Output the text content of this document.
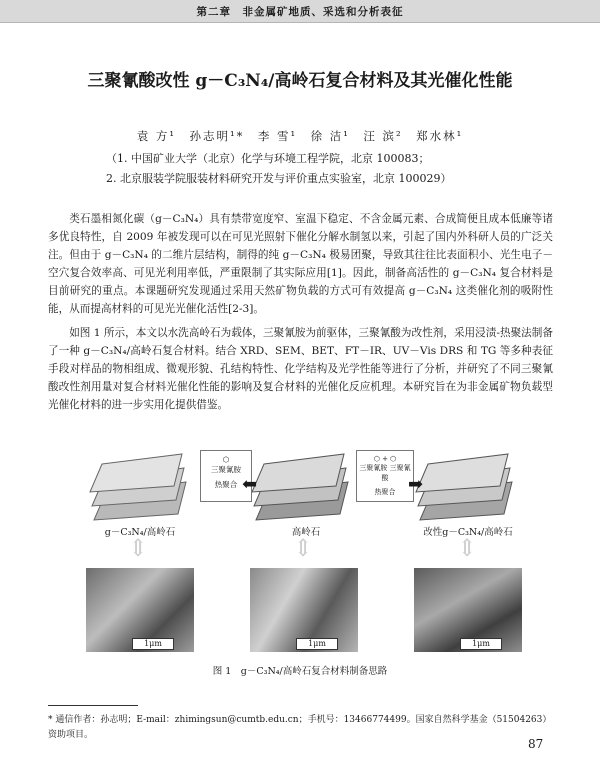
第二章　非金属矿地质、采选和分析表征
三聚氰酸改性 g－C₃N₄/高岭石复合材料及其光催化性能
袁 方¹　孙志明¹*　李 雪¹　徐 洁¹　汪 滨²　郑水林¹
（1. 中国矿业大学（北京）化学与环境工程学院，北京 100083；
2. 北京服装学院服装材料研究开发与评价重点实验室，北京 100029）

类石墨相氮化碳（g－C₃N₄）具有禁带宽度窄、室温下稳定、不含金属元素、合成简便且成本低廉等诸多优良特性，自 2009 年被发现可以在可见光照射下催化分解水制氢以来，引起了国内外科研人员的广泛关注。但由于 g－C₃N₄ 的二维片层结构，制得的纯 g－C₃N₄ 极易团聚，导致其往往比表面积小、光生电子－空穴复合效率高、可见光利用率低，严重限制了其实际应用[1]。因此，制备高活性的 g－C₃N₄ 复合材料是目前研究的重点。本课题研究发现通过采用天然矿物负载的方式可有效提高 g－C₃N₄ 这类催化剂的吸附性能，从而提高材料的可见光光催化活性[2-3]。

如图 1 所示，本文以水洗高岭石为载体，三聚氰胺为前驱体，三聚氰酸为改性剂，采用浸渍-热聚法制备了一种 g－C₃N₄/高岭石复合材料。结合 XRD、SEM、BET、FT－IR、UV－Vis DRS 和 TG 等多种表征手段对样品的物相组成、微观形貌、孔结构特性、化学结构及光学性能等进行了分析，并研究了不同三聚氰酸改性剂用量对复合材料光催化性能的影响及复合材料的光催化反应机理。本研究旨在为非金属矿物负载型光催化材料的进一步实用化提供借鉴。

⬡
三聚氰胺
热聚合
⬡ + ⬡
三聚氰胺 三聚氰酸
热聚合
⬅	➡
g－C₃N₄/高岭石	高岭石	改性g－C₃N₄/高岭石
⇕	⇕	⇕
1μm	1μm	1μm
图 1　g－C₃N₄/高岭石复合材料制备思路
* 通信作者：孙志明；E-mail：zhimingsun@cumtb.edu.cn；手机号：13466774499。国家自然科学基金（51504263）资助项目。
87
